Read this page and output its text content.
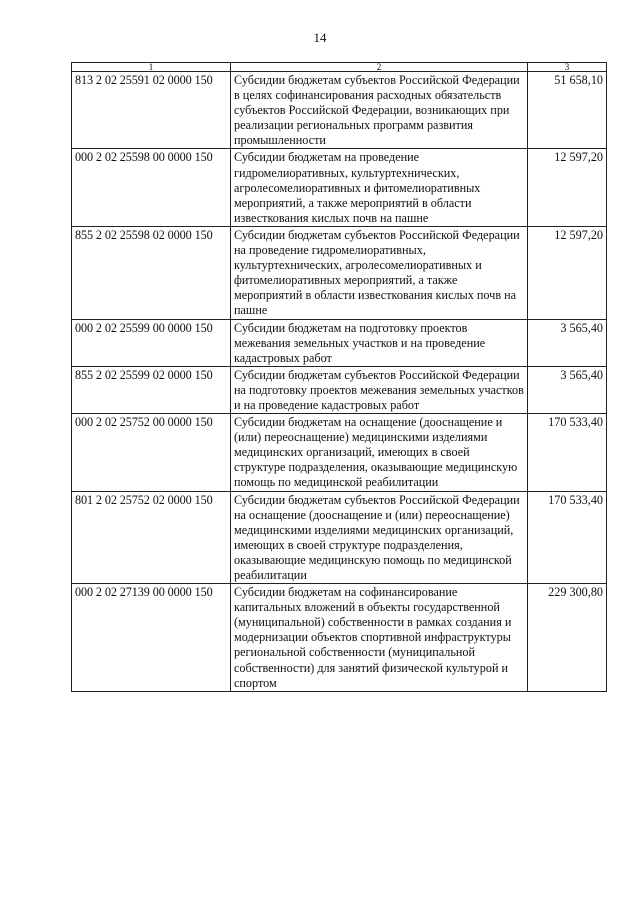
14
1	2	3
813 2 02 25591 02 0000 150	Субсидии бюджетам субъектов Российской Федерации в целях софинансирования расходных обязательств субъектов Российской Федерации, возникающих при реализации региональных программ развития промышленности	51 658,10
000 2 02 25598 00 0000 150	Субсидии бюджетам на проведение гидромелиоративных, культуртехнических, агролесомелиоративных и фитомелиоративных мероприятий, а также мероприятий в области известкования кислых почв на пашне	12 597,20
855 2 02 25598 02 0000 150	Субсидии бюджетам субъектов Российской Федерации на проведение гидромелиоративных, культуртехнических, агролесомелиоративных и фитомелиоративных мероприятий, а также мероприятий в области известкования кислых почв на пашне	12 597,20
000 2 02 25599 00 0000 150	Субсидии бюджетам на подготовку проектов межевания земельных участков и на проведение кадастровых работ	3 565,40
855 2 02 25599 02 0000 150	Субсидии бюджетам субъектов Российской Федерации на подготовку проектов межевания земельных участков и на проведение кадастровых работ	3 565,40
000 2 02 25752 00 0000 150	Субсидии бюджетам на оснащение (дооснащение и (или) переоснащение) медицинскими изделиями медицинских организаций, имеющих в своей структуре подразделения, оказывающие медицинскую помощь по медицинской реабилитации	170 533,40
801 2 02 25752 02 0000 150	Субсидии бюджетам субъектов Российской Федерации на оснащение (дооснащение и (или) переоснащение) медицинскими изделиями медицинских организаций, имеющих в своей структуре подразделения, оказывающие медицинскую помощь по медицинской реабилитации	170 533,40
000 2 02 27139 00 0000 150	Субсидии бюджетам на софинансирование капитальных вложений в объекты государственной (муниципальной) собственности в рамках создания и модернизации объектов спортивной инфраструктуры региональной собственности (муниципальной собственности) для занятий физической культурой и спортом	229 300,80
